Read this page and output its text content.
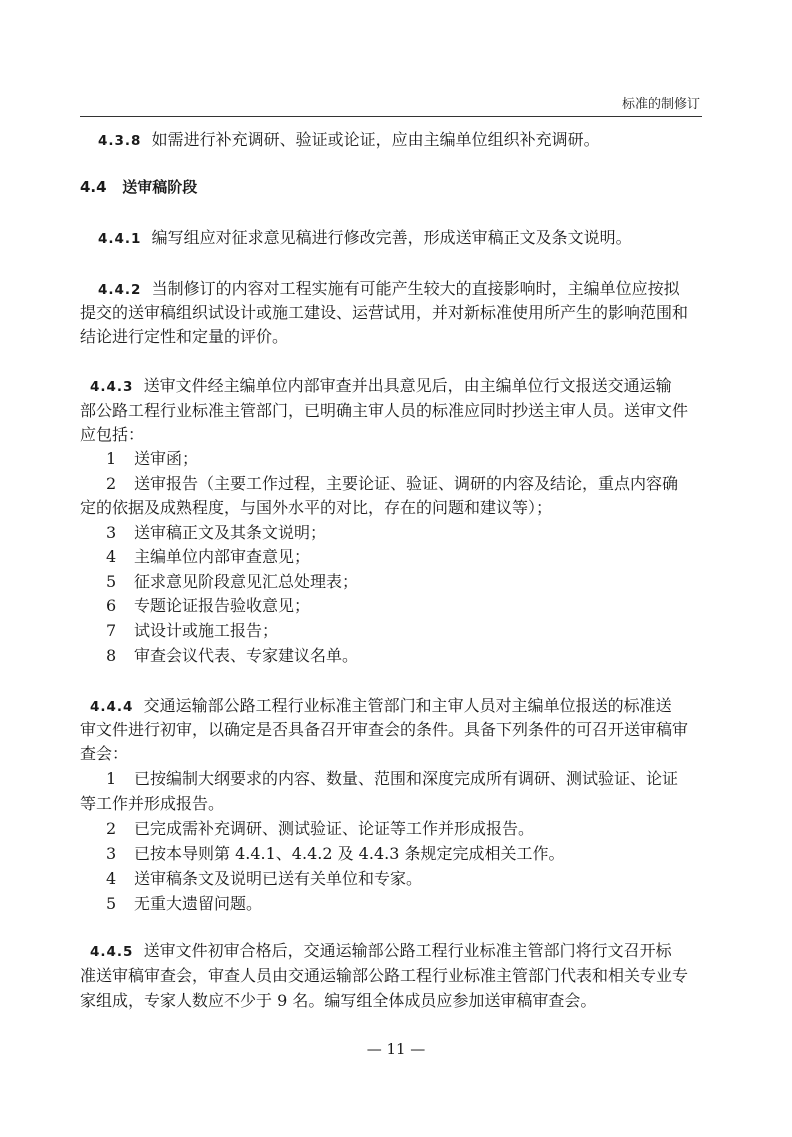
标准的制修订
4.3.8 如需进行补充调研、验证或论证，应由主编单位组织补充调研。
4.4 送审稿阶段
4.4.1 编写组应对征求意见稿进行修改完善，形成送审稿正文及条文说明。
4.4.2 当制修订的内容对工程实施有可能产生较大的直接影响时，主编单位应按拟
提交的送审稿组织试设计或施工建设、运营试用，并对新标准使用所产生的影响范围和
结论进行定性和定量的评价。
4.4.3 送审文件经主编单位内部审查并出具意见后，由主编单位行文报送交通运输
部公路工程行业标准主管部门，已明确主审人员的标准应同时抄送主审人员。送审文件
应包括：
1 送审函；
2 送审报告（主要工作过程，主要论证、验证、调研的内容及结论，重点内容确
定的依据及成熟程度，与国外水平的对比，存在的问题和建议等）；
3 送审稿正文及其条文说明；
4 主编单位内部审查意见；
5 征求意见阶段意见汇总处理表；
6 专题论证报告验收意见；
7 试设计或施工报告；
8 审查会议代表、专家建议名单。
4.4.4 交通运输部公路工程行业标准主管部门和主审人员对主编单位报送的标准送
审文件进行初审，以确定是否具备召开审查会的条件。具备下列条件的可召开送审稿审
查会：
1 已按编制大纲要求的内容、数量、范围和深度完成所有调研、测试验证、论证
等工作并形成报告。
2 已完成需补充调研、测试验证、论证等工作并形成报告。
3 已按本导则第 4.4.1、4.4.2 及 4.4.3 条规定完成相关工作。
4 送审稿条文及说明已送有关单位和专家。
5 无重大遗留问题。
4.4.5 送审文件初审合格后，交通运输部公路工程行业标准主管部门将行文召开标
准送审稿审查会，审查人员由交通运输部公路工程行业标准主管部门代表和相关专业专
家组成，专家人数应不少于 9 名。编写组全体成员应参加送审稿审查会。
— 11 —
